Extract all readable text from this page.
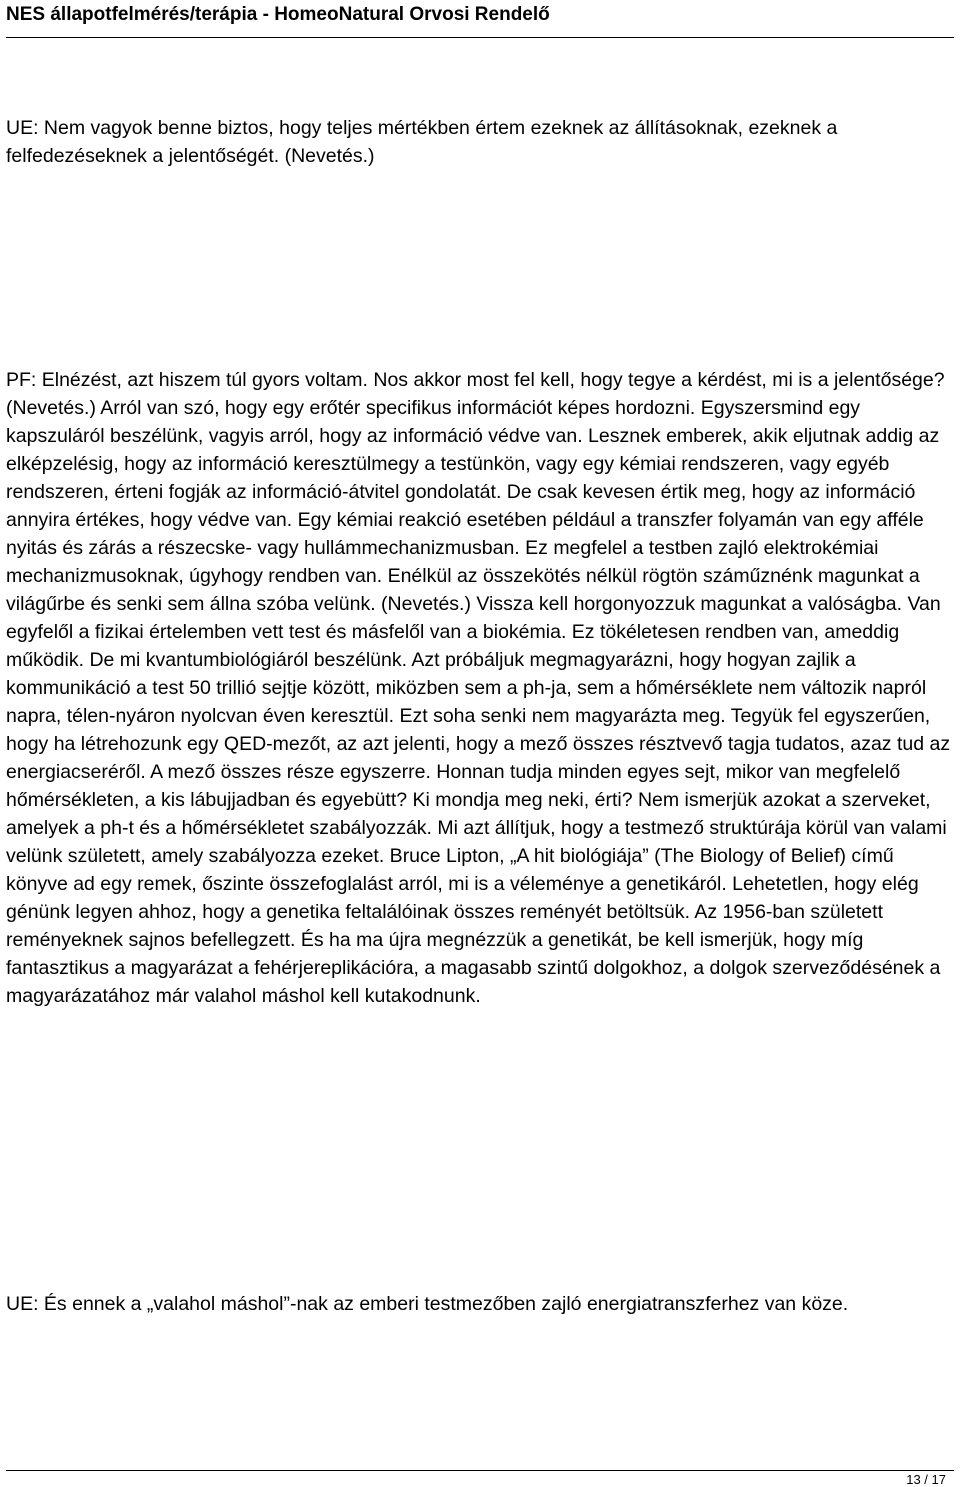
NES állapotfelmérés/terápia - HomeoNatural Orvosi Rendelő

UE: Nem vagyok benne biztos, hogy teljes mértékben értem ezeknek az állításoknak, ezeknek a felfedezéseknek a jelentőségét. (Nevetés.)

PF: Elnézést, azt hiszem túl gyors voltam. Nos akkor most fel kell, hogy tegye a kérdést, mi is a jelentősége? (Nevetés.) Arról van szó, hogy egy erőtér specifikus információt képes hordozni. Egyszersmind egy kapszuláról beszélünk, vagyis arról, hogy az információ védve van. Lesznek emberek, akik eljutnak addig az elképzelésig, hogy az információ keresztülmegy a testünkön, vagy egy kémiai rendszeren, vagy egyéb rendszeren, érteni fogják az információ-átvitel gondolatát. De csak kevesen értik meg, hogy az információ annyira értékes, hogy védve van. Egy kémiai reakció esetében például a transzfer folyamán van egy afféle nyitás és zárás a részecske- vagy hullámmechanizmusban. Ez megfelel a testben zajló elektrokémiai mechanizmusoknak, úgyhogy rendben van. Enélkül az összekötés nélkül rögtön száműznénk magunkat a világűrbe és senki sem állna szóba velünk. (Nevetés.) Vissza kell horgonyozzuk magunkat a valóságba. Van egyfelől a fizikai értelemben vett test és másfelől van a biokémia. Ez tökéletesen rendben van, ameddig működik. De mi kvantumbiológiáról beszélünk. Azt próbáljuk megmagyarázni, hogy hogyan zajlik a kommunikáció a test 50 trillió sejtje között, miközben sem a ph-ja, sem a hőmérséklete nem változik napról napra, télen-nyáron nyolcvan éven keresztül. Ezt soha senki nem magyarázta meg. Tegyük fel egyszerűen, hogy ha létrehozunk egy QED-mezőt, az azt jelenti, hogy a mező összes résztvevő tagja tudatos, azaz tud az energiacseréről. A mező összes része egyszerre. Honnan tudja minden egyes sejt, mikor van megfelelő hőmérsékleten, a kis lábujjadban és egyebütt? Ki mondja meg neki, érti? Nem ismerjük azokat a szerveket, amelyek a ph-t és a hőmérsékletet szabályozzák. Mi azt állítjuk, hogy a testmező struktúrája körül van valami velünk született, amely szabályozza ezeket. Bruce Lipton, „A hit biológiája” (The Biology of Belief) című könyve ad egy remek, őszinte összefoglalást arról, mi is a véleménye a genetikáról. Lehetetlen, hogy elég génünk legyen ahhoz, hogy a genetika feltalálóinak összes reményét betöltsük. Az 1956-ban született reményeknek sajnos befellegzett. És ha ma újra megnézzük a genetikát, be kell ismerjük, hogy míg fantasztikus a magyarázat a fehérjereplikációra, a magasabb szintű dolgokhoz, a dolgok szerveződésének a magyarázatához már valahol máshol kell kutakodnunk.

UE: És ennek a „valahol máshol”-nak az emberi testmezőben zajló energiatranszferhez van köze.

13 / 17
